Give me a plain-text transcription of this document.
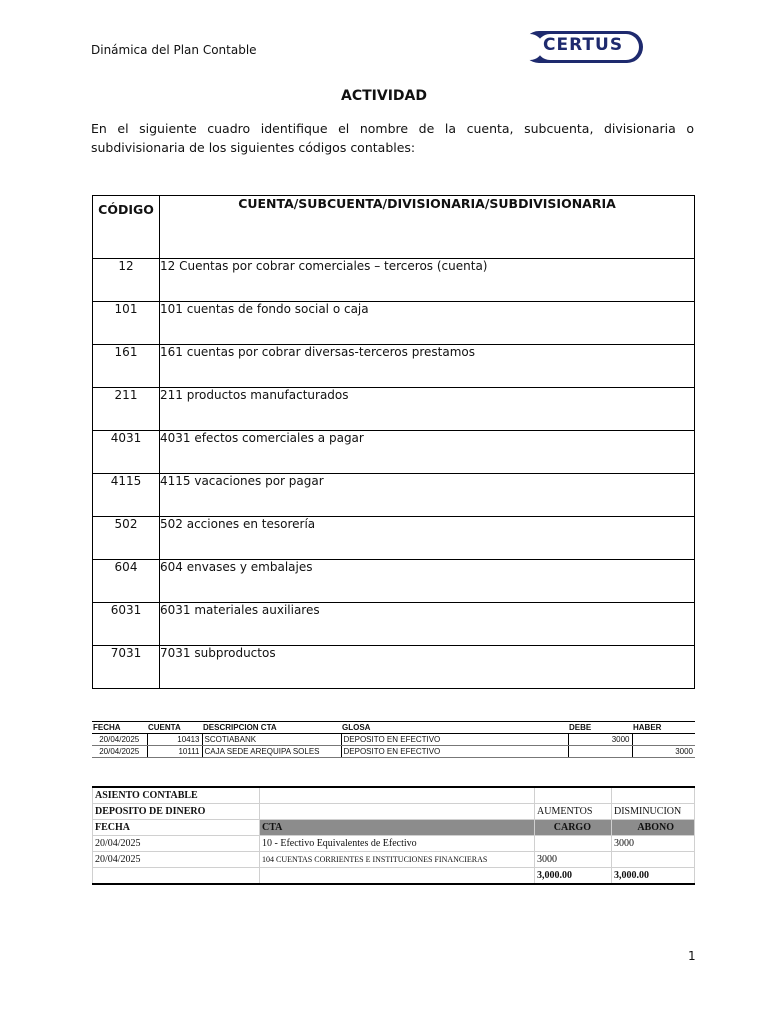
Dinámica del Plan Contable	CERTUS
ACTIVIDAD
En el siguiente cuadro identifique el nombre de la cuenta, subcuenta, divisionaria o subdivisionaria de los siguientes códigos contables:
CÓDIGO	CUENTA/SUBCUENTA/DIVISIONARIA/SUBDIVISIONARIA
12	12 Cuentas por cobrar comerciales – terceros (cuenta)
101	101 cuentas de fondo social o caja
161	161 cuentas por cobrar diversas-terceros prestamos
211	211 productos manufacturados
4031	4031 efectos comerciales a pagar
4115	4115 vacaciones por pagar
502	502 acciones en tesorería
604	604 envases y embalajes
6031	6031 materiales auxiliares
7031	7031 subproductos
FECHA	CUENTA	DESCRIPCION CTA	GLOSA	DEBE	HABER
20/04/2025	10413	SCOTIABANK	DEPOSITO EN EFECTIVO	3000	
20/04/2025	10111	CAJA SEDE AREQUIPA SOLES	DEPOSITO EN EFECTIVO		3000
ASIENTO CONTABLE			
DEPOSITO DE DINERO		AUMENTOS	DISMINUCION
FECHA	CTA	CARGO	ABONO
20/04/2025	10 - Efectivo Equivalentes de Efectivo		3000
20/04/2025	104 CUENTAS CORRIENTES E INSTITUCIONES FINANCIERAS	3000	
		3,000.00	3,000.00
1
